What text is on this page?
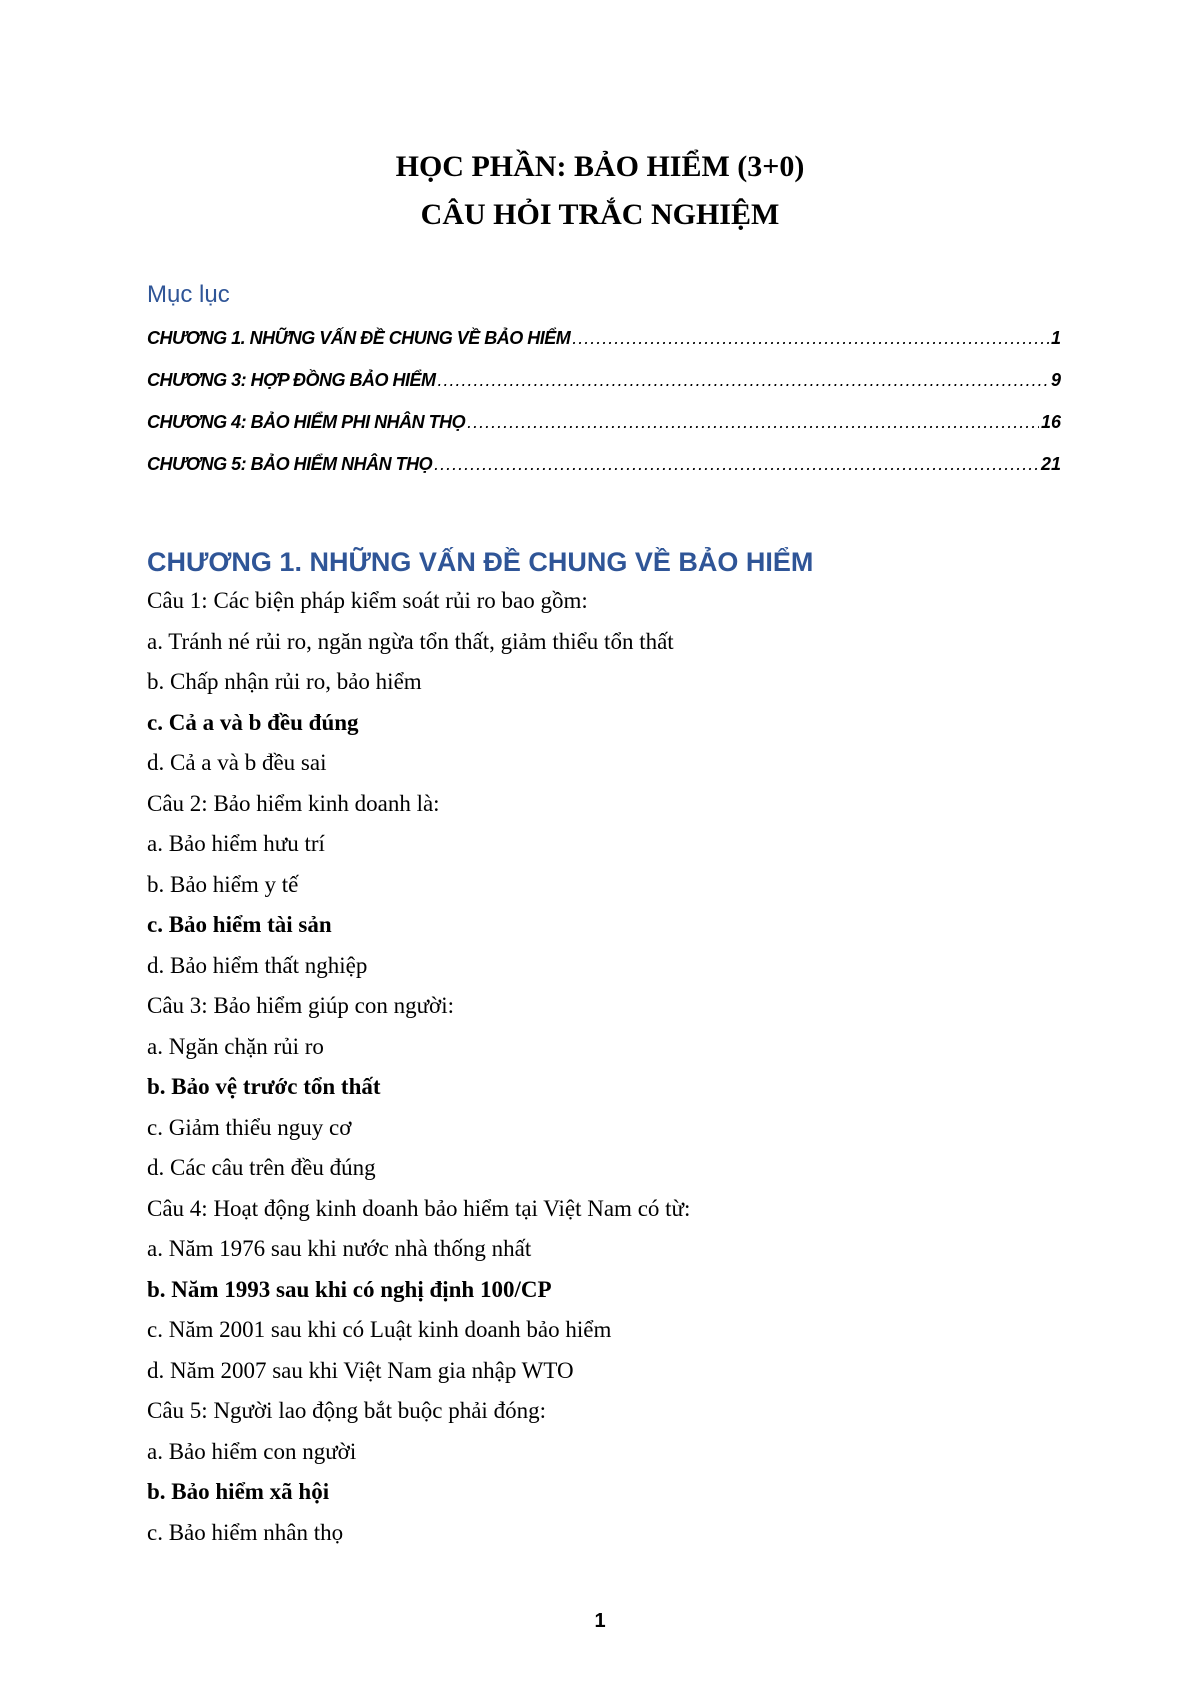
HỌC PHẦN: BẢO HIỂM (3+0)
CÂU HỎI TRẮC NGHIỆM
Mục lục
CHƯƠNG 1. NHỮNG VẤN ĐỀ CHUNG VỀ BẢO HIỂM .....	1
CHƯƠNG 3: HỢP ĐỒNG BẢO HIỂM .....	9
CHƯƠNG 4: BẢO HIỂM PHI NHÂN THỌ .....	16
CHƯƠNG 5: BẢO HIỂM NHÂN THỌ .....	21
CHƯƠNG 1. NHỮNG VẤN ĐỀ CHUNG VỀ BẢO HIỂM
Câu 1: Các biện pháp kiểm soát rủi ro bao gồm:
a. Tránh né rủi ro, ngăn ngừa tổn thất, giảm thiểu tổn thất
b. Chấp nhận rủi ro, bảo hiểm
c. Cả a và b đều đúng
d. Cả a và b đều sai
Câu 2: Bảo hiểm kinh doanh là:
a. Bảo hiểm hưu trí
b. Bảo hiểm y tế
c. Bảo hiểm tài sản
d. Bảo hiểm thất nghiệp
Câu 3: Bảo hiểm giúp con người:
a. Ngăn chặn rủi ro
b. Bảo vệ trước tổn thất
c. Giảm thiểu nguy cơ
d. Các câu trên đều đúng
Câu 4: Hoạt động kinh doanh bảo hiểm tại Việt Nam có từ:
a. Năm 1976 sau khi nước nhà thống nhất
b. Năm 1993 sau khi có nghị định 100/CP
c. Năm 2001 sau khi có Luật kinh doanh bảo hiểm
d. Năm 2007 sau khi Việt Nam gia nhập WTO
Câu 5: Người lao động bắt buộc phải đóng:
a. Bảo hiểm con người
b. Bảo hiểm xã hội
c. Bảo hiểm nhân thọ
1
